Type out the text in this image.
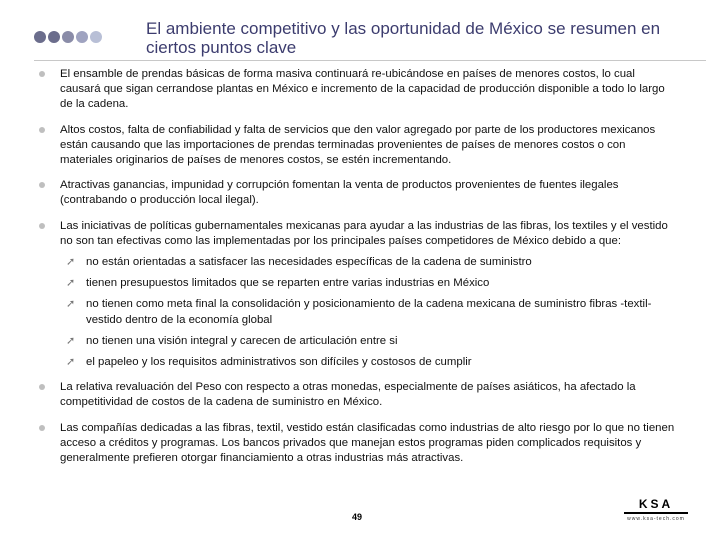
El ambiente competitivo y las oportunidad de México se resumen en ciertos puntos clave
El ensamble de prendas básicas de forma masiva continuará re-ubicándose en países de menores costos, lo cual causará que sigan cerrandose plantas en México e incremento de la capacidad de producción disponible a todo lo largo de la cadena.
Altos costos, falta de confiabilidad y falta de servicios que den valor agregado por parte de los productores mexicanos están causando que las importaciones de prendas terminadas provenientes de países de menores costos o con materiales originarios de países de menores costos, se estén incrementando.
Atractivas ganancias, impunidad y corrupción fomentan la venta de productos provenientes de fuentes ilegales (contrabando o producción local ilegal).
Las iniciativas de políticas gubernamentales mexicanas para ayudar a las industrias de las fibras, los textiles y el vestido no son tan efectivas como las implementadas por los principales países competidores de México debido a que:
➚ no están orientadas a satisfacer las necesidades específicas de la cadena de suministro
➚ tienen presupuestos limitados que se reparten entre varias industrias en México
➚ no tienen como meta final la consolidación y posicionamiento de la cadena mexicana de suministro fibras -textil-vestido dentro de la economía global
➚ no tienen una visión integral y carecen de articulación entre si
➚ el papeleo y los requisitos administrativos son difíciles y costosos de cumplir
La relativa revaluación del Peso con respecto a otras monedas, especialmente de países asiáticos, ha afectado la competitividad de costos de la cadena de suministro en México.
Las compañías dedicadas a las fibras, textil, vestido están clasificadas como industrias de alto riesgo por lo que no tienen acceso a créditos y programas. Los bancos privados que manejan estos programas piden complicados requisitos y generalmente prefieren otorgar financiamiento a otras industrias más atractivas.
49
KSA
www.ksa-tech.com
